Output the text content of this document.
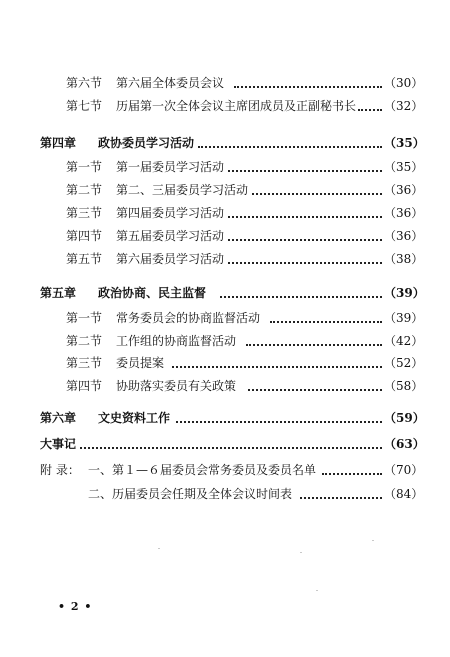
第六节 第六届全体委员会议	（30）
第七节 历届第一次全体会议主席团成员及正副秘书长 （32）
第四章 政协委员学习活动	（35）
第一节 第一届委员学习活动	（35）
第二节 第二、三届委员学习活动	（36）
第三节 第四届委员学习活动	（36）
第四节 第五届委员学习活动	（36）
第五节 第六届委员学习活动	（38）
第五章 政治协商、民主监督	（39）
第一节 常务委员会的协商监督活动	（39）
第二节 工作组的协商监督活动	（42）
第三节 委员提案	（52）
第四节 协助落实委员有关政策	（58）
第六章 文史资料工作	（59）
大事记	（63）
附 录： 一、第１—６届委员会常务委员及委员名单	（70）
二、历届委员会任期及全体会议时间表	（84）
• 2 •
